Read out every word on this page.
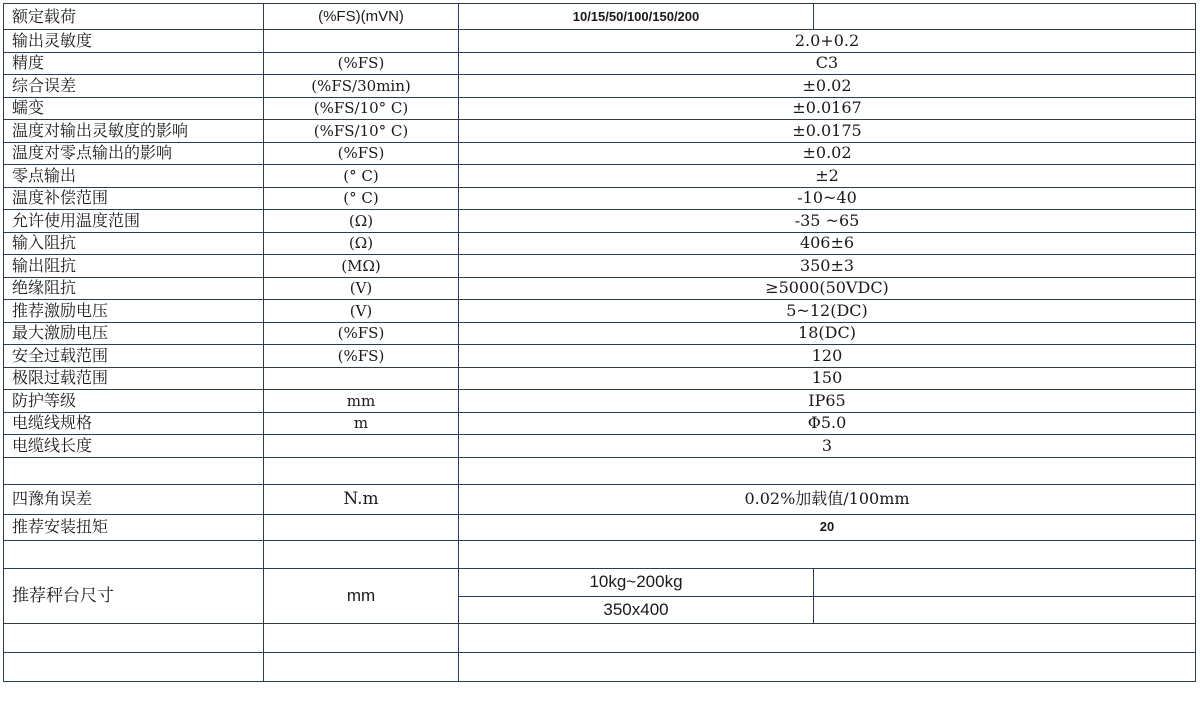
额定载荷	(%FS)(mVN)	10/15/50/100/150/200	
输出灵敏度		2.0+0.2	
精度	(%FS)	C3	
综合误差	(%FS/30min)	±0.02	
蠕变	(%FS/10° C)	±0.0167	
温度对输出灵敏度的影响	(%FS/10° C)	±0.0175	
温度对零点输出的影响	(%FS)	±0.02	
零点输出	(° C)	±2	
温度补偿范围	(° C)	-10~40	
允许使用温度范围	(Ω)	-35 ~65	
输入阻抗	(Ω)	406±6	
输出阻抗	(MΩ)	350±3	
绝缘阻抗	(V)	≥5000(50VDC)	
推荐激励电压	(V)	5~12(DC)	
最大激励电压	(%FS)	18(DC)	
安全过载范围	(%FS)	120	
极限过载范围		150	
防护等级	mm	IP65	
电缆线规格	m	Φ5.0	
电缆线长度		3	

四豫角误差	N.m	0.02%加载值/100mm	
推荐安装扭矩		20	

推荐秤台尺寸	mm	10kg~200kg	
		350x400	
